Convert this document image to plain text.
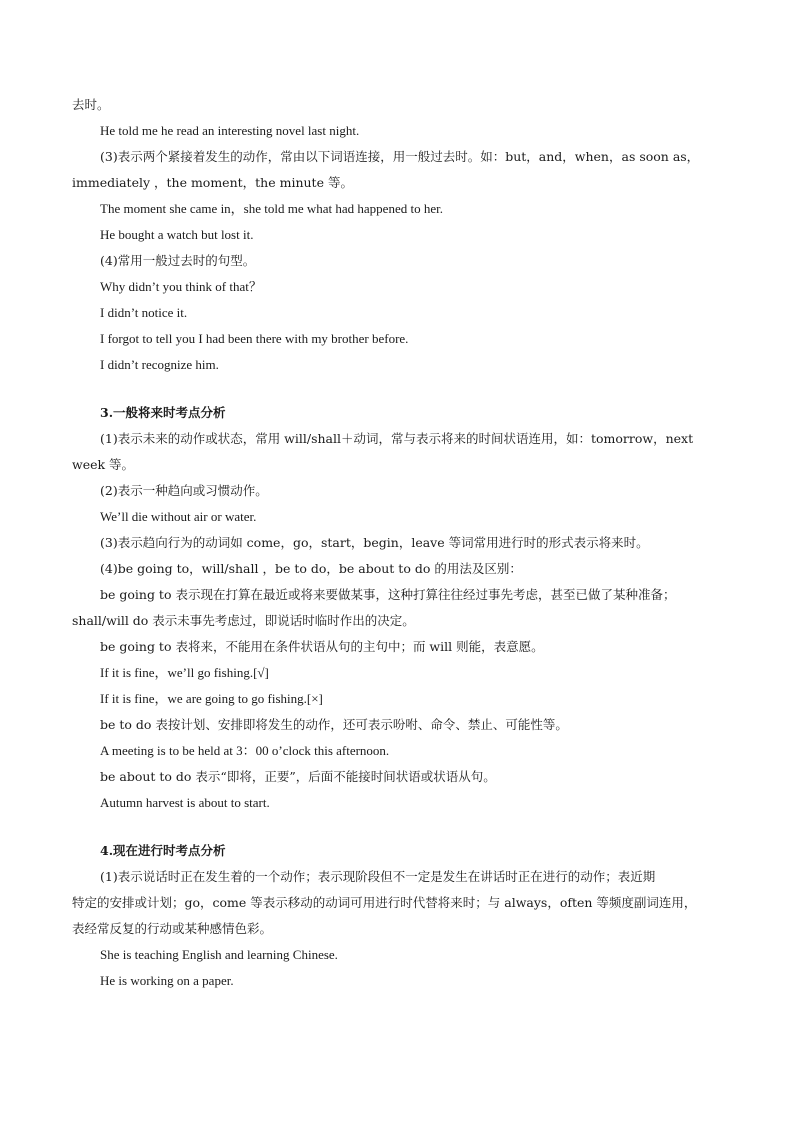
去时。
He told me he read an interesting novel last night.
(3)表示两个紧接着发生的动作，常由以下词语连接，用一般过去时。如：but，and，when，as soon as，
immediately ，the moment，the minute 等。
The moment she came in，she told me what had happened to her.
He bought a watch but lost it.
(4)常用一般过去时的句型。
Why didn’t you think of that？
I didn’t notice it.
I forgot to tell you I had been there with my brother before.
I didn’t recognize him.
3.一般将来时考点分析
(1)表示未来的动作或状态，常用 will/shall＋动词，常与表示将来的时间状语连用，如：tomorrow，next
week 等。
(2)表示一种趋向或习惯动作。
We’ll die without air or water.
(3)表示趋向行为的动词如 come，go，start，begin，leave 等词常用进行时的形式表示将来时。
(4)be going to，will/shall ，be to do，be about to do 的用法及区别：
be going to 表示现在打算在最近或将来要做某事，这种打算往往经过事先考虑，甚至已做了某种准备；
shall/will do 表示未事先考虑过，即说话时临时作出的决定。
be going to 表将来，不能用在条件状语从句的主句中；而 will 则能，表意愿。
If it is fine，we’ll go fishing.[√]
If it is fine，we are going to go fishing.[×]
be to do 表按计划、安排即将发生的动作，还可表示吩咐、命令、禁止、可能性等。
A meeting is to be held at 3：00 o’clock this afternoon.
be about to do 表示“即将，正要”，后面不能接时间状语或状语从句。
Autumn harvest is about to start.
4.现在进行时考点分析
(1)表示说话时正在发生着的一个动作；表示现阶段但不一定是发生在讲话时正在进行的动作；表近期
特定的安排或计划；go，come 等表示移动的动词可用进行时代替将来时；与 always，often 等频度副词连用，
表经常反复的行动或某种感情色彩。
She is teaching English and learning Chinese.
He is working on a paper.
